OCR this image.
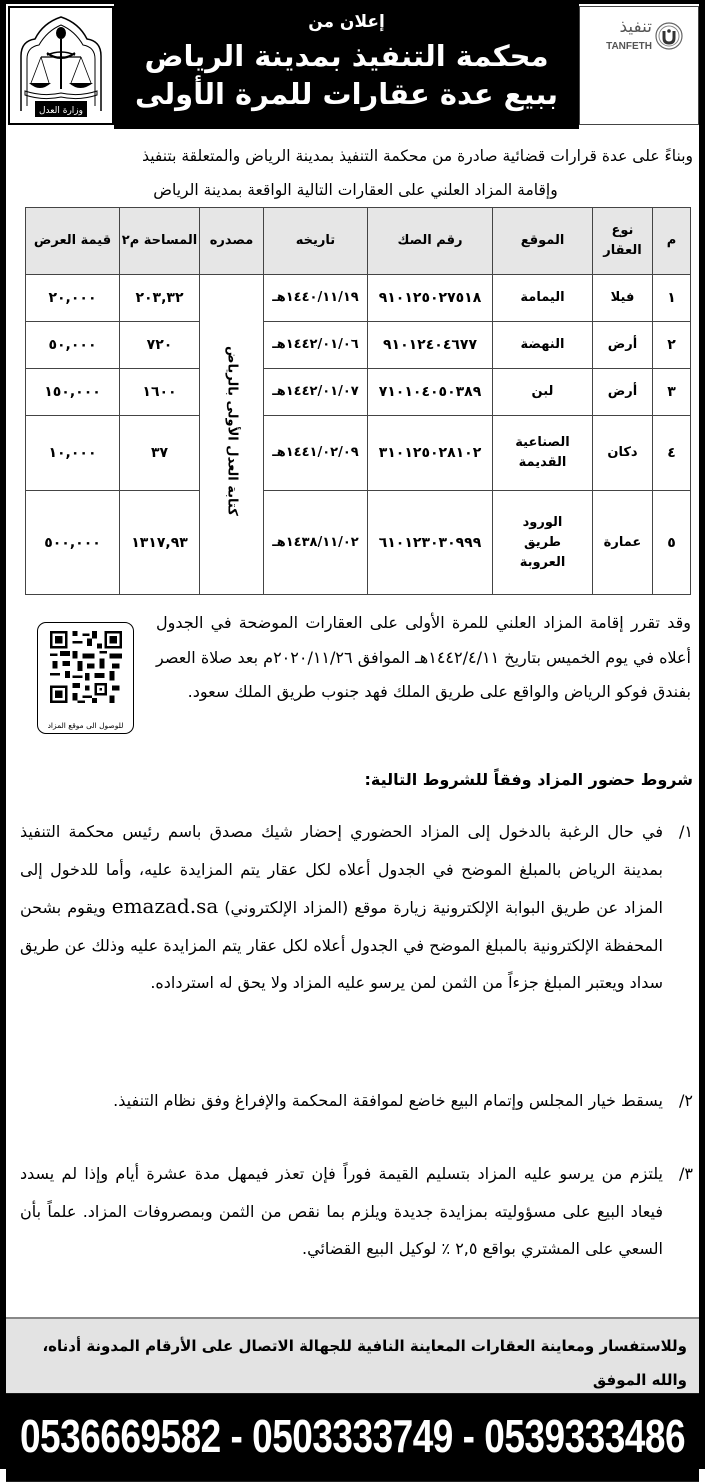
وزارة العدل
إعلان من
محكمة التنفيذ بمدينة الرياض
ببيع عدة عقارات للمرة الأولى
تنفيذ
TANFETH
وبناءً على عدة قرارات قضائية صادرة من محكمة التنفيذ بمدينة الرياض والمتعلقة بتنفيذ
وإقامة المزاد العلني على العقارات التالية الواقعة بمدينة الرياض
م	نوع العقار	الموقع	رقم الصك	تاريخه	مصدره	المساحة م٢	قيمة العرض
١	فيلا	اليمامة	٩١٠١٢٥٠٢٧٥١٨	١٤٤٠/١١/١٩هـ	كتابة العدل الأولى بالرياض	٢٠٣,٣٢	٢٠,٠٠٠
٢	أرض	النهضة	٩١٠١٢٤٠٤٦٧٧	١٤٤٢/٠١/٠٦هـ		٧٢٠	٥٠,٠٠٠
٣	أرض	لبن	٧١٠١٠٤٠٥٠٣٨٩	١٤٤٢/٠١/٠٧هـ		١٦٠٠	١٥٠,٠٠٠
٤	دكان	الصناعية القديمة	٣١٠١٢٥٠٢٨١٠٢	١٤٤١/٠٢/٠٩هـ		٣٧	١٠,٠٠٠
٥	عمارة	الورود طريق العروبة	٦١٠١٢٣٠٣٠٩٩٩	١٤٣٨/١١/٠٢هـ		١٣١٧,٩٣	٥٠٠,٠٠٠
وقد تقرر إقامة المزاد العلني للمرة الأولى على العقارات الموضحة في الجدول أعلاه في يوم الخميس بتاريخ ١٤٤٢/٤/١١هـ الموافق ٢٠٢٠/١١/٢٦م بعد صلاة العصر بفندق فوكو الرياض والواقع على طريق الملك فهد جنوب طريق الملك سعود.
للوصول الى موقع المزاد
شروط حضور المزاد وفقاً للشروط التالية:
١/
في حال الرغبة بالدخول إلى المزاد الحضوري إحضار شيك مصدق باسم رئيس محكمة التنفيذ بمدينة الرياض بالمبلغ الموضح في الجدول أعلاه لكل عقار يتم المزايدة عليه، وأما للدخول إلى المزاد عن طريق البوابة الإلكترونية زيارة موقع (المزاد الإلكتروني) emazad.sa ويقوم بشحن المحفظة الإلكترونية بالمبلغ الموضح في الجدول أعلاه لكل عقار يتم المزايدة عليه وذلك عن طريق سداد ويعتبر المبلغ جزءاً من الثمن لمن يرسو عليه المزاد ولا يحق له استرداده.
٢/
يسقط خيار المجلس وإتمام البيع خاضع لموافقة المحكمة والإفراغ وفق نظام التنفيذ.
٣/
يلتزم من يرسو عليه المزاد بتسليم القيمة فوراً فإن تعذر فيمهل مدة عشرة أيام وإذا لم يسدد فيعاد البيع على مسؤوليته بمزايدة جديدة ويلزم بما نقص من الثمن وبمصروفات المزاد. علماً بأن السعي على المشتري بواقع ٢,٥ ٪ لوكيل البيع القضائي.
وللاستفسار ومعاينة العقارات المعاينة النافية للجهالة الاتصال على الأرقام المدونة أدناه، والله الموفق
0536669582 - 0503333749 - 0539333486
